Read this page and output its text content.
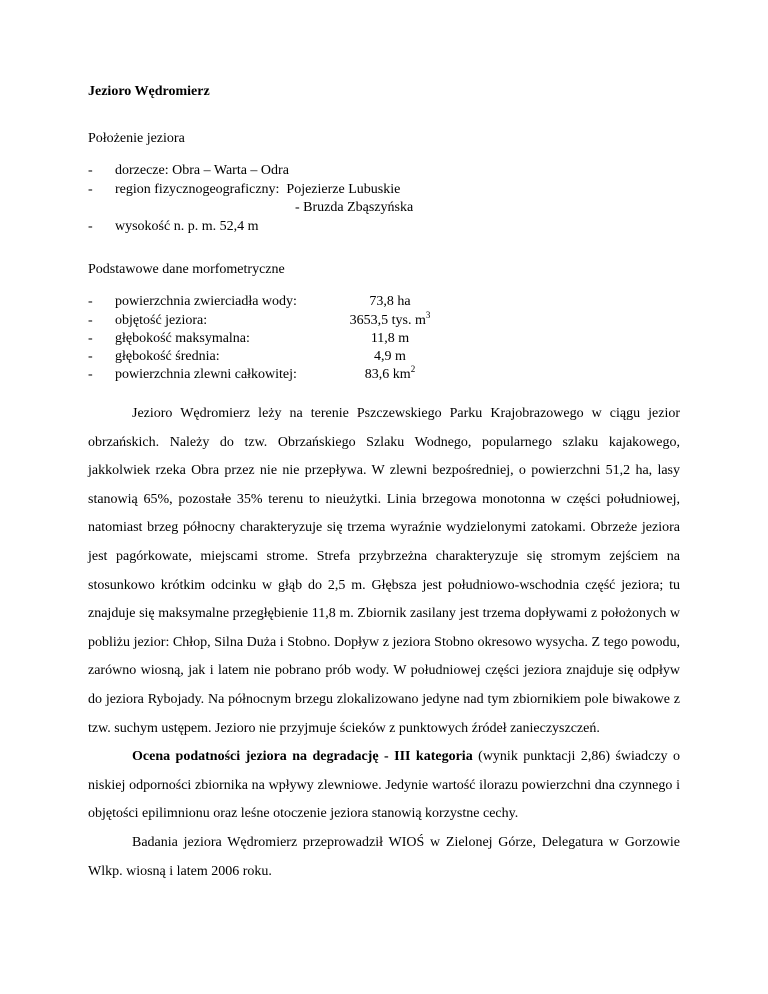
Jezioro Wędromierz
Położenie jeziora
- dorzecze: Obra – Warta – Odra
- region fizycznogeograficzny:  Pojezierze Lubuskie
- Bruzda Zbąszyńska
- wysokość n. p. m. 52,4 m
Podstawowe dane morfometryczne
- powierzchnia zwierciadła wody:	73,8 ha
- objętość jeziora:	3653,5 tys. $m^3$
- głębokość maksymalna:	11,8 m
- głębokość średnia:	4,9 m
- powierzchnia zlewni całkowitej:	83,6 $km^2$

Jezioro Wędromierz leży na terenie Pszczewskiego Parku Krajobrazowego w ciągu jezior obrzańskich. Należy do tzw. Obrzańskiego Szlaku Wodnego, popularnego szlaku kajakowego, jakkolwiek rzeka Obra przez nie nie przepływa. W zlewni bezpośredniej, o powierzchni 51,2 ha, lasy stanowią 65%, pozostałe 35% terenu to nieużytki. Linia brzegowa monotonna w części południowej, natomiast brzeg północny charakteryzuje się trzema wyraźnie wydzielonymi zatokami. Obrzeże jeziora jest pagórkowate, miejscami strome. Strefa przybrzeżna charakteryzuje się stromym zejściem na stosunkowo krótkim odcinku w głąb do 2,5 m. Głębsza jest południowo-wschodnia część jeziora; tu znajduje się maksymalne przegłębienie 11,8 m. Zbiornik zasilany jest trzema dopływami z położonych w pobliżu jezior: Chłop, Silna Duża i Stobno. Dopływ z jeziora Stobno okresowo wysycha. Z tego powodu, zarówno wiosną, jak i latem nie pobrano prób wody. W południowej części jeziora znajduje się odpływ do jeziora Rybojady. Na północnym brzegu zlokalizowano jedyne nad tym zbiornikiem pole biwakowe z tzw. suchym ustępem. Jezioro nie przyjmuje ścieków z punktowych źródeł zanieczyszczeń.

Ocena podatności jeziora na degradację - III kategoria (wynik punktacji 2,86) świadczy o niskiej odporności zbiornika na wpływy zlewniowe. Jedynie wartość ilorazu powierzchni dna czynnego i objętości epilimnionu oraz leśne otoczenie jeziora stanowią korzystne cechy.

Badania jeziora Wędromierz przeprowadził WIOŚ w Zielonej Górze, Delegatura w Gorzowie Wlkp. wiosną i latem 2006 roku.
